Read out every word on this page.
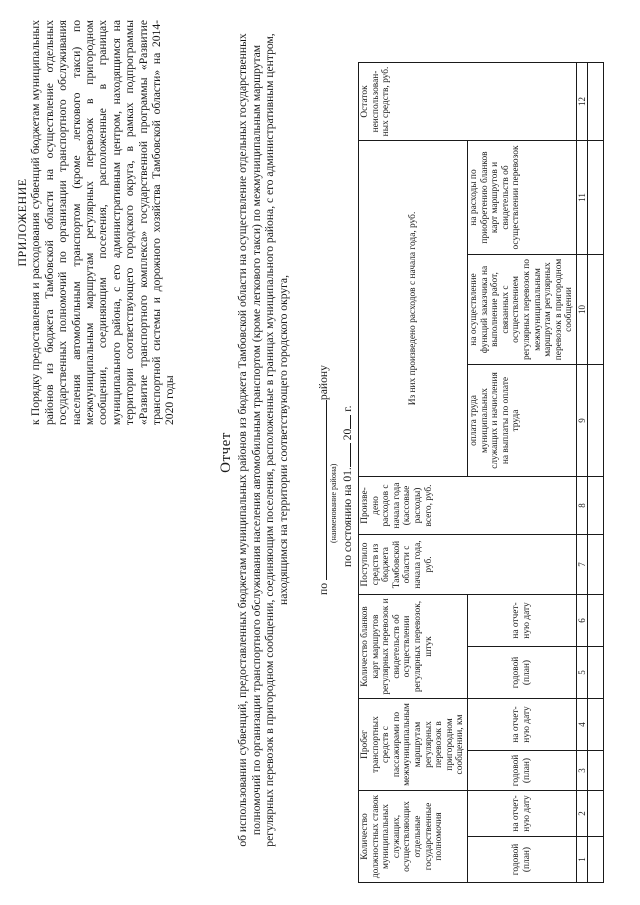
ПРИЛОЖЕНИЕ к Порядку предоставления и расходования субвенций бюджетам муниципальных районов из бюджета Тамбовской области на осуществление отдельных государственных полномочий по организации транспортного обслуживания населения автомобильным транспортом (кроме легкового такси) по межмуниципальным маршрутам регулярных перевозок в пригородном сообщении, соединяющим поселения, расположенные в границах муниципального района, с его административным центром, находящимся на территории соответствующего городского округа, в рамках подпрограммы «Развитие транспортного комплекса» государственной программы «Развитие транспортной системы и дорожного хозяйства Тамбовской области» на 2014-2020 годы
Отчет об использовании субвенций, предоставленных бюджетам муниципальных районов из бюджета Тамбовской области на осуществление отдельных государственных полномочий по организации транспортного обслуживания населения автомобильным транспортом (кроме легкового такси) по межмуниципальным маршрутам регулярных перевозок в пригородном сообщении, соединяющим поселения, расположенные в границах муниципального района, с его административным центром, находящимся на территории соответствующего городского округа, по району
(наименование района) по состоянию на 01. 20 г.
Количество должностных ставок муниципальных служащих, осуществляющих отдельные государственные полномочия		Пробег транспортных средств с пассажирами по межмуниципальным маршрутам регулярных перевозок в пригородном сообщении, км		Количество бланков карт маршрутов регулярных перевозок и свидетельств об осуществлении регулярных перевозок, штук		Поступило средств из бюджета Тамбовской области с начала года, руб.	Произве-дено расходов с начала года (кассовые расходы) всего, руб.	Из них произведено расходов с начала года, руб.			Остаток неиспользован-ных средств, руб.
годовой (план)	на отчет-ную дату	годовой (план)	на отчет-ную дату	годовой (план)	на отчет-ную дату			оплата труда муниципальных служащих и начисления на выплаты по оплате труда	на осуществление функций заказчика на выполнение работ, связанных с осуществлением регулярных перевозок по межмуниципальным маршрутам регулярных перевозок в пригородном сообщении	на расходы по приобретению бланков карт маршрутов и свидетельств об осуществлении перевозок	
1	2	3	4	5	6	7	8	9	10	11	12
